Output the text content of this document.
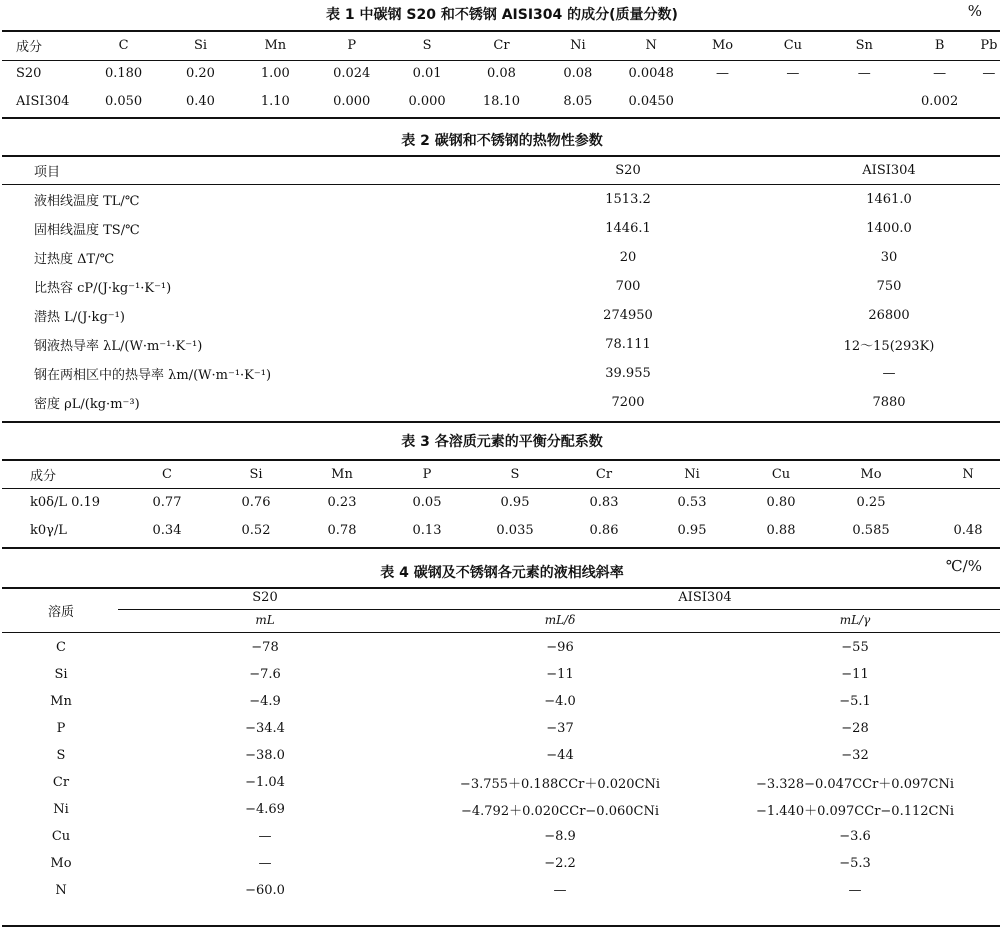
表 1 中碳钢 S20 和不锈钢 AISI304 的成分(质量分数)	%
成分	C	Si	Mn	P	S	Cr	Ni	N	Mo	Cu	Sn	B	Pb
S20	0.180	0.20	1.00	0.024	0.01	0.08	0.08	0.0048	—	—	—	—	—
AISI304	0.050	0.40	1.10	0.000	0.000	18.10	8.05	0.0450				0.002	
表 2 碳钢和不锈钢的热物性参数
项目	S20	AISI304
液相线温度 TL/℃	1513.2	1461.0
固相线温度 TS/℃	1446.1	1400.0
过热度 ΔT/℃	20	30
比热容 cP/(J·kg⁻¹·K⁻¹)	700	750
潜热 L/(J·kg⁻¹)	274950	26800
钢液热导率 λL/(W·m⁻¹·K⁻¹)	78.111	12～15(293K)
钢在两相区中的热导率 λm/(W·m⁻¹·K⁻¹)	39.955	—
密度 ρL/(kg·m⁻³)	7200	7880
表 3 各溶质元素的平衡分配系数
成分	C	Si	Mn	P	S	Cr	Ni	Cu	Mo	N
k0δ/L 0.19	0.77	0.76	0.23	0.05	0.95	0.83	0.53	0.80	0.25	
k0γ/L	0.34	0.52	0.78	0.13	0.035	0.86	0.95	0.88	0.585	0.48
表 4 碳钢及不锈钢各元素的液相线斜率	℃/%
溶质
S20	AISI304
mL	mL/δ	mL/γ
C	−78	−96	−55
Si	−7.6	−11	−11
Mn	−4.9	−4.0	−5.1
P	−34.4	−37	−28
S	−38.0	−44	−32
Cr	−1.04	−3.755＋0.188CCr＋0.020CNi	−3.328−0.047CCr＋0.097CNi
Ni	−4.69	−4.792＋0.020CCr−0.060CNi	−1.440＋0.097CCr−0.112CNi
Cu	—	−8.9	−3.6
Mo	—	−2.2	−5.3
N	−60.0	—	—
